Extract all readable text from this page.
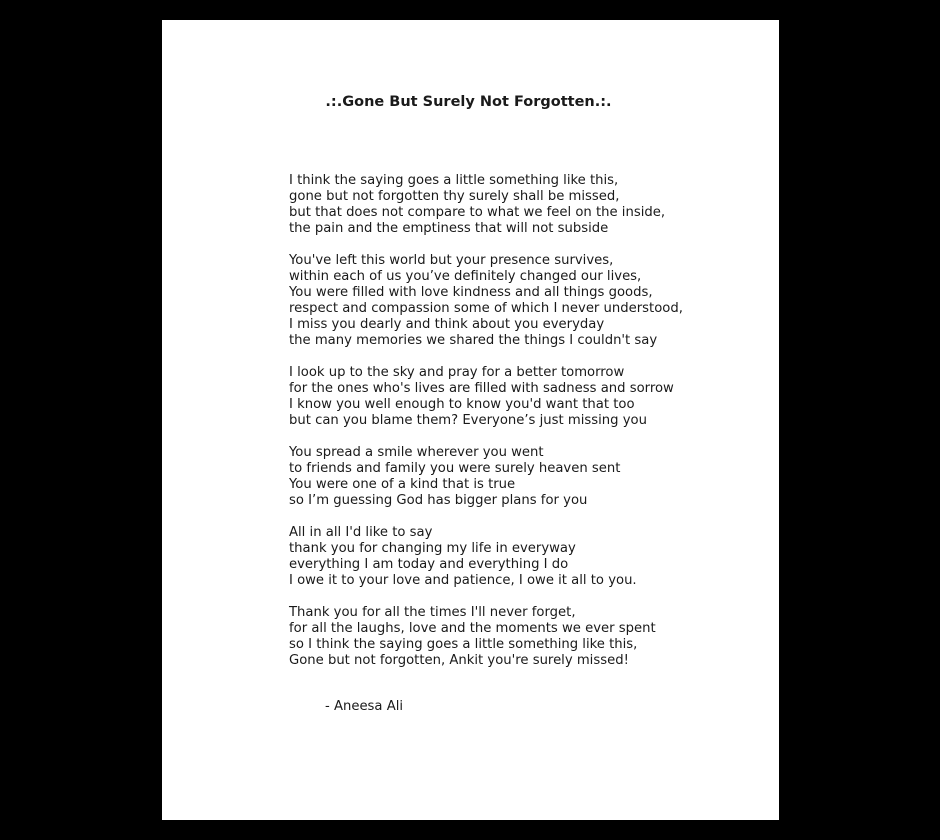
.:.Gone But Surely Not Forgotten.:.
I think the saying goes a little something like this,
gone but not forgotten thy surely shall be missed,
but that does not compare to what we feel on the inside,
the pain and the emptiness that will not subside
You've left this world but your presence survives,
within each of us you’ve definitely changed our lives,
You were filled with love kindness and all things goods,
respect and compassion some of which I never understood,
I miss you dearly and think about you everyday
the many memories we shared the things I couldn't say
I look up to the sky and pray for a better tomorrow
for the ones who's lives are filled with sadness and sorrow
I know you well enough to know you'd want that too
but can you blame them? Everyone’s just missing you
You spread a smile wherever you went
to friends and family you were surely heaven sent
You were one of a kind that is true
so I’m guessing God has bigger plans for you
All in all I'd like to say
thank you for changing my life in everyway
everything I am today and everything I do
I owe it to your love and patience, I owe it all to you.
Thank you for all the times I'll never forget,
for all the laughs, love and the moments we ever spent
so I think the saying goes a little something like this,
Gone but not forgotten, Ankit you're surely missed!
- Aneesa Ali
